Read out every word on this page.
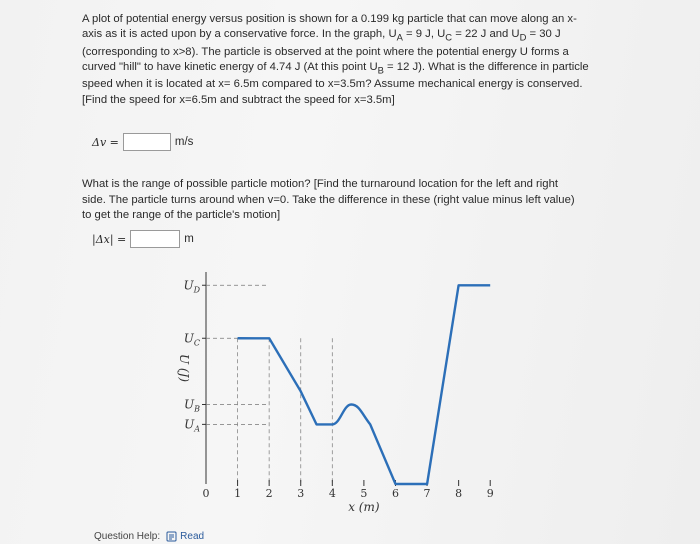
A plot of potential energy versus position is shown for a 0.199 kg particle that can move along an x-axis as it is acted upon by a conservative force. In the graph, $U_A = 9$ J, $U_C = 22$ J and $U_D = 30$ J (corresponding to x>8). The particle is observed at the point where the potential energy U forms a curved "hill" to have kinetic energy of 4.74 J (At this point $U_B = 12$ J). What is the difference in particle speed when it is located at x= 6.5m compared to x=3.5m? Assume mechanical energy is conserved. [Find the speed for x=6.5m and subtract the speed for x=3.5m]

Δv =	m/s

What is the range of possible particle motion? [Find the turnaround location for the left and right side. The particle turns around when v=0. Take the difference in these (right value minus left value) to get the range of the particle's motion]

|Δx| =	m
U (J)
$U_D$
$U_C$
$U_B$
$U_A$
0 1 2 3 4 5 6 7 8 9
x (m)
Question Help: Read
